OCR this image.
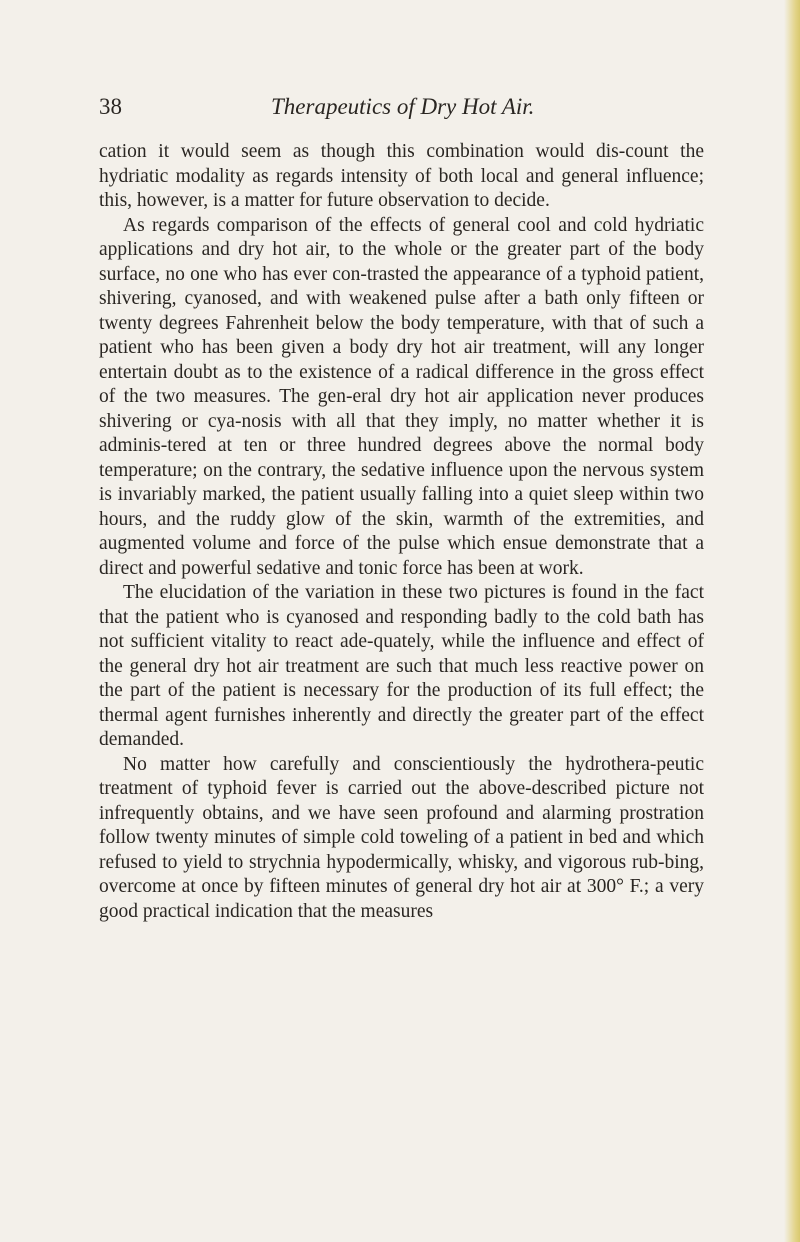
38	Therapeutics of Dry Hot Air.

cation it would seem as though this combination would dis-count the hydriatic modality as regards intensity of both local and general influence; this, however, is a matter for future observation to decide.

As regards comparison of the effects of general cool and cold hydriatic applications and dry hot air, to the whole or the greater part of the body surface, no one who has ever con-trasted the appearance of a typhoid patient, shivering, cyanosed, and with weakened pulse after a bath only fifteen or twenty degrees Fahrenheit below the body temperature, with that of such a patient who has been given a body dry hot air treatment, will any longer entertain doubt as to the existence of a radical difference in the gross effect of the two measures. The gen-eral dry hot air application never produces shivering or cya-nosis with all that they imply, no matter whether it is adminis-tered at ten or three hundred degrees above the normal body temperature; on the contrary, the sedative influence upon the nervous system is invariably marked, the patient usually falling into a quiet sleep within two hours, and the ruddy glow of the skin, warmth of the extremities, and augmented volume and force of the pulse which ensue demonstrate that a direct and powerful sedative and tonic force has been at work.

The elucidation of the variation in these two pictures is found in the fact that the patient who is cyanosed and responding badly to the cold bath has not sufficient vitality to react ade-quately, while the influence and effect of the general dry hot air treatment are such that much less reactive power on the part of the patient is necessary for the production of its full effect; the thermal agent furnishes inherently and directly the greater part of the effect demanded.

No matter how carefully and conscientiously the hydrothera-peutic treatment of typhoid fever is carried out the above-described picture not infrequently obtains, and we have seen profound and alarming prostration follow twenty minutes of simple cold toweling of a patient in bed and which refused to yield to strychnia hypodermically, whisky, and vigorous rub-bing, overcome at once by fifteen minutes of general dry hot air at 300° F.; a very good practical indication that the measures
